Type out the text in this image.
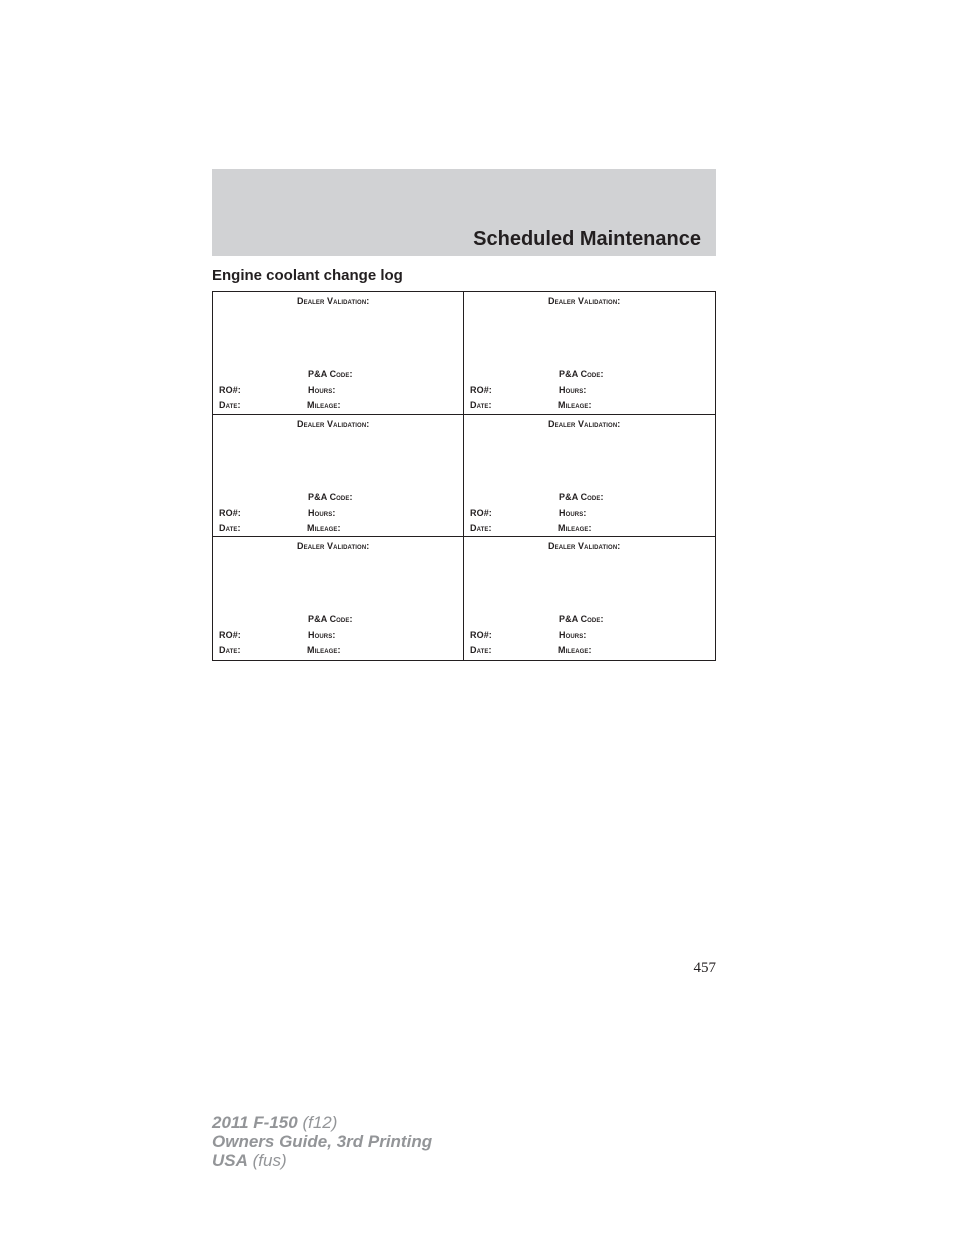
Scheduled Maintenance
Engine coolant change log
Dealer Validation:
P&A Code:
RO#:	Hours:
Date:	Mileage:
Dealer Validation:
P&A Code:
RO#:	Hours:
Date:	Mileage:
Dealer Validation:
P&A Code:
RO#:	Hours:
Date:	Mileage:
Dealer Validation:
P&A Code:
RO#:	Hours:
Date:	Mileage:
Dealer Validation:
P&A Code:
RO#:	Hours:
Date:	Mileage:
Dealer Validation:
P&A Code:
RO#:	Hours:
Date:	Mileage:
457
2011 F-150 (f12)
Owners Guide, 3rd Printing
USA (fus)
